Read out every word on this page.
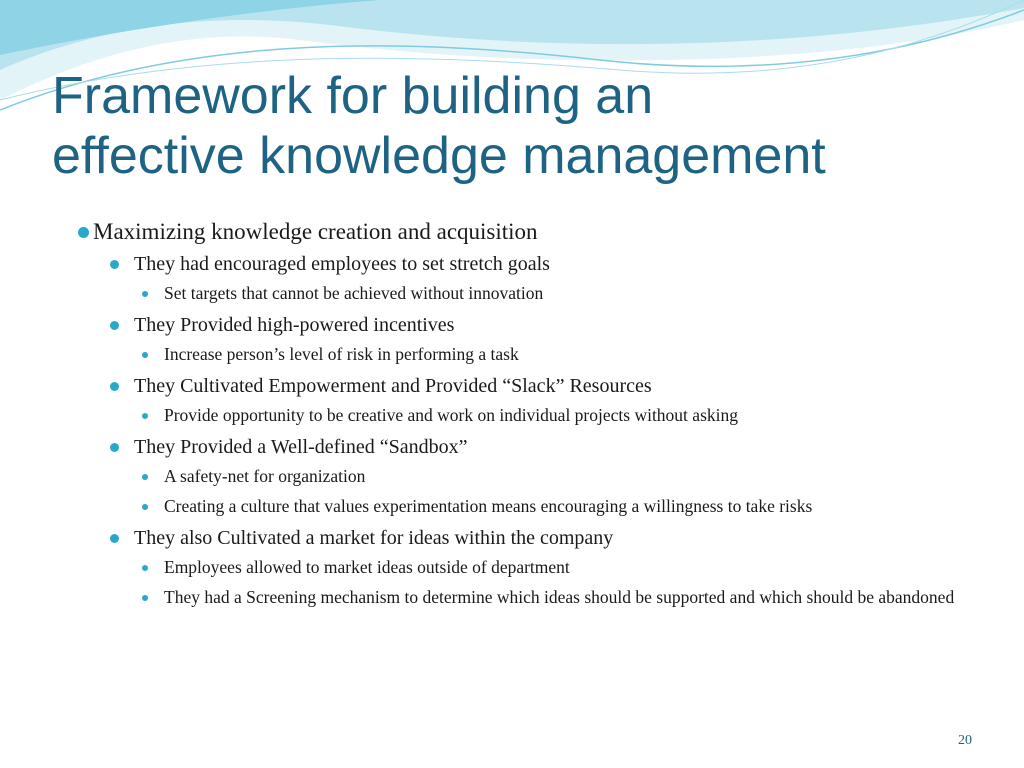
Framework for building an
effective knowledge management
Maximizing knowledge creation and acquisition
They had encouraged employees to set stretch goals
Set targets that cannot be achieved without innovation
They Provided high-powered incentives
Increase person’s level of risk in performing a task
They Cultivated Empowerment and Provided “Slack” Resources
Provide opportunity to be creative and work on individual projects without asking
They Provided a Well-defined “Sandbox”
A safety-net for organization
Creating a culture that values experimentation means encouraging a willingness to take risks
They also Cultivated a market for ideas within the company
Employees allowed to market ideas outside of department
They had a Screening mechanism to determine which ideas should be supported and which should be abandoned
20
